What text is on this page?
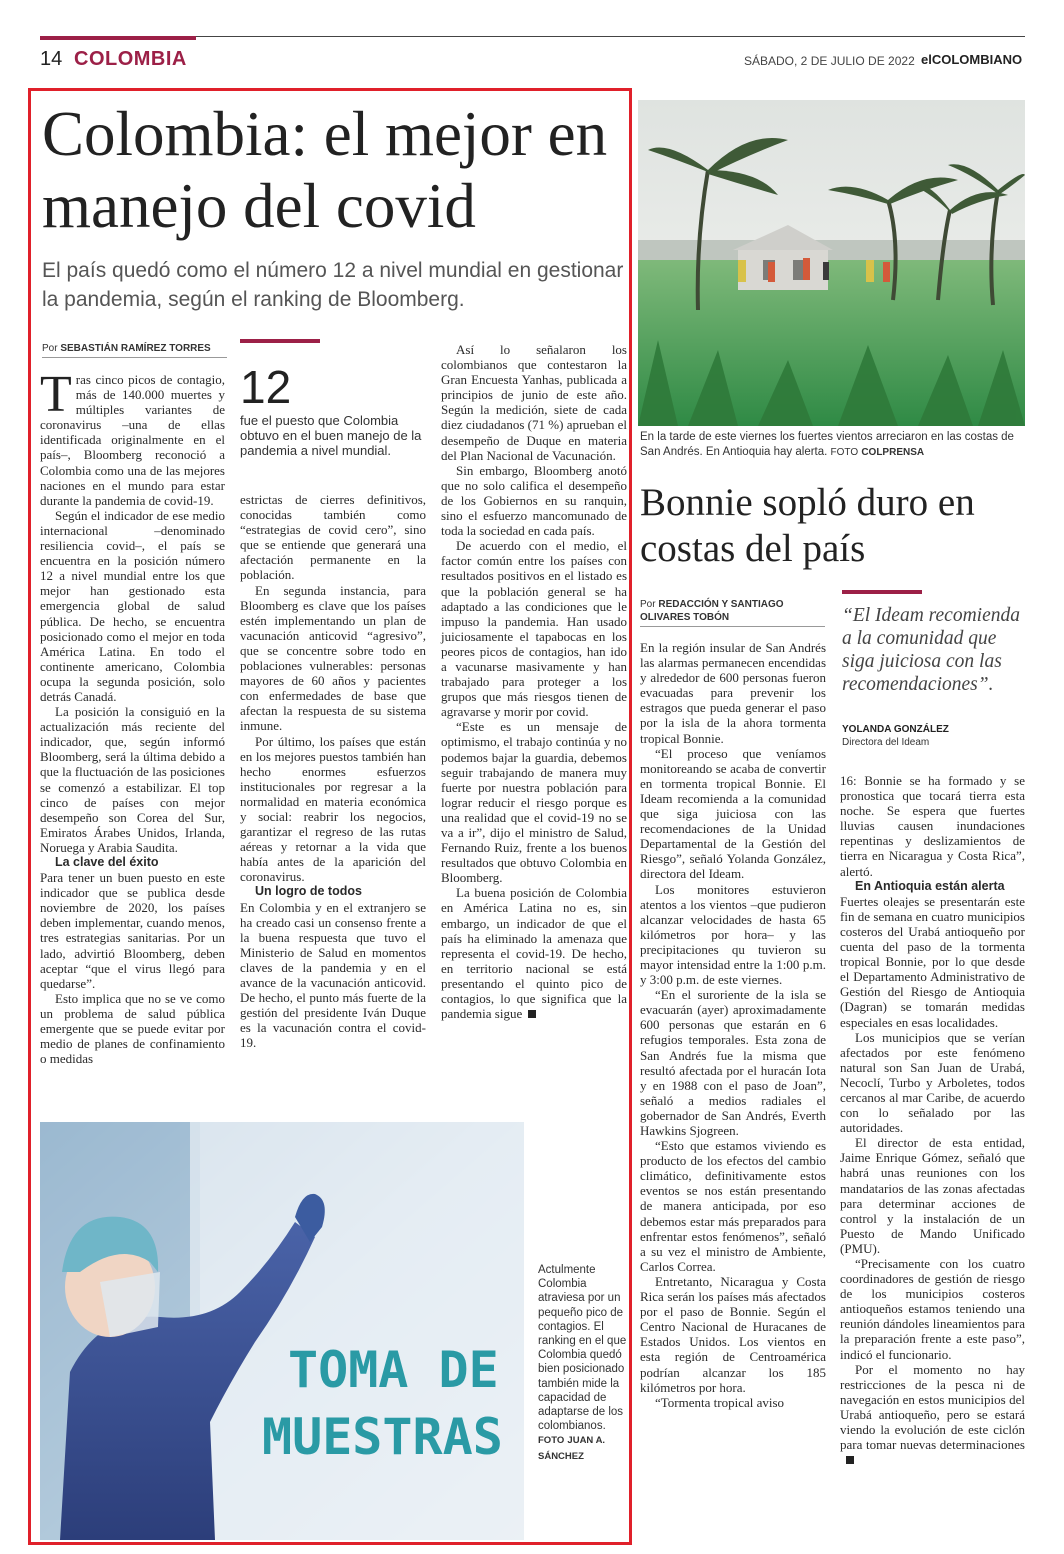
14 COLOMBIA	SÁBADO, 2 DE JULIO DE 2022 elCOLOMBIANO
Colombia: el mejor en manejo del covid
El país quedó como el número 12 a nivel mundial en gestionar la pandemia, según el ranking de Bloomberg.
Por SEBASTIÁN RAMÍREZ TORRES
12
fue el puesto que Colombia obtuvo en el buen manejo de la pandemia a nivel mundial.

Tras cinco picos de contagio, más de 140.000 muertes y múltiples variantes de coronavirus –una de ellas identificada originalmente en el país–, Bloomberg reconoció a Colombia como una de las mejores naciones en el mundo para estar durante la pandemia de covid-19.

Según el indicador de ese medio internacional –denominado resiliencia covid–, el país se encuentra en la posición número 12 a nivel mundial entre los que mejor han gestionado esta emergencia global de salud pública. De hecho, se encuentra posicionado como el mejor en toda América Latina. En todo el continente americano, Colombia ocupa la segunda posición, solo detrás Canadá.

La posición la consiguió en la actualización más reciente del indicador, que, según informó Bloomberg, será la última debido a que la fluctuación de las posiciones se comenzó a estabilizar. El top cinco de países con mejor desempeño son Corea del Sur, Emiratos Árabes Unidos, Irlanda, Noruega y Arabia Saudita.

La clave del éxito

Para tener un buen puesto en este indicador que se publica desde noviembre de 2020, los países deben implementar, cuando menos, tres estrategias sanitarias. Por un lado, advirtió Bloomberg, deben aceptar “que el virus llegó para quedarse”.

Esto implica que no se ve como un problema de salud pública emergente que se puede evitar por medio de planes de confinamiento o medidas

estrictas de cierres definitivos, conocidas también como “estrategias de covid cero”, sino que se entiende que generará una afectación permanente en la población.

En segunda instancia, para Bloomberg es clave que los países estén implementando un plan de vacunación anticovid “agresivo”, que se concentre sobre todo en poblaciones vulnerables: personas mayores de 60 años y pacientes con enfermedades de base que afectan la respuesta de su sistema inmune.

Por último, los países que están en los mejores puestos también han hecho enormes esfuerzos institucionales por regresar a la normalidad en materia económica y social: reabrir los negocios, garantizar el regreso de las rutas aéreas y retornar a la vida que había antes de la aparición del coronavirus.

Un logro de todos

En Colombia y en el extranjero se ha creado casi un consenso frente a la buena respuesta que tuvo el Ministerio de Salud en momentos claves de la pandemia y en el avance de la vacunación anticovid. De hecho, el punto más fuerte de la gestión del presidente Iván Duque es la vacunación contra el covid-19.

Así lo señalaron los colombianos que contestaron la Gran Encuesta Yanhas, publicada a principios de junio de este año. Según la medición, siete de cada diez ciudadanos (71 %) aprueban el desempeño de Duque en materia del Plan Nacional de Vacunación.

Sin embargo, Bloomberg anotó que no solo califica el desempeño de los Gobiernos en su ranquin, sino el esfuerzo mancomunado de toda la sociedad en cada país.

De acuerdo con el medio, el factor común entre los países con resultados positivos en el listado es que la población general se ha adaptado a las condiciones que le impuso la pandemia. Han usado juiciosamente el tapabocas en los peores picos de contagios, han ido a vacunarse masivamente y han trabajado para proteger a los grupos que más riesgos tienen de agravarse y morir por covid.

“Este es un mensaje de optimismo, el trabajo continúa y no podemos bajar la guardia, debemos seguir trabajando de manera muy fuerte por nuestra población para lograr reducir el riesgo porque es una realidad que el covid-19 no se va a ir”, dijo el ministro de Salud, Fernando Ruiz, frente a los buenos resultados que obtuvo Colombia en Bloomberg.

La buena posición de Colombia en América Latina no es, sin embargo, un indicador de que el país ha eliminado la amenaza que representa el covid-19. De hecho, en territorio nacional se está presentando el quinto pico de contagios, lo que significa que la pandemia sigue

TOMA DE
MUESTRAS
Actulmente Colombia atraviesa por un pequeño pico de contagios. El ranking en el que Colombia quedó bien posicionado también mide la capacidad de adaptarse de los colombianos. FOTO JUAN A. SÁNCHEZ
En la tarde de este viernes los fuertes vientos arreciaron en las costas de San Andrés. En Antioquia hay alerta. FOTO COLPRENSA
Bonnie sopló duro en costas del país
Por REDACCIÓN Y SANTIAGO OLIVARES TOBÓN	“El Ideam recomienda a la comunidad que siga juiciosa con las recomendaciones”.
YOLANDA GONZÁLEZ
Directora del Ideam

En la región insular de San Andrés las alarmas permanecen encendidas y alrededor de 600 personas fueron evacuadas para prevenir los estragos que pueda generar el paso por la isla de la ahora tormenta tropical Bonnie.

“El proceso que veníamos monitoreando se acaba de convertir en tormenta tropical Bonnie. El Ideam recomienda a la comunidad que siga juiciosa con las recomendaciones de la Unidad Departamental de la Gestión del Riesgo”, señaló Yolanda González, directora del Ideam.

Los monitores estuvieron atentos a los vientos –que pudieron alcanzar velocidades de hasta 65 kilómetros por hora– y las precipitaciones qu tuvieron su mayor intensidad entre la 1:00 p.m. y 3:00 p.m. de este viernes.

“En el suroriente de la isla se evacuarán (ayer) aproximadamente 600 personas que estarán en 6 refugios temporales. Esta zona de San Andrés fue la misma que resultó afectada por el huracán Iota y en 1988 con el paso de Joan”, señaló a medios radiales el gobernador de San Andrés, Everth Hawkins Sjogreen.

“Esto que estamos viviendo es producto de los efectos del cambio climático, definitivamente estos eventos se nos están presentando de manera anticipada, por eso debemos estar más preparados para enfrentar estos fenómenos”, señaló a su vez el ministro de Ambiente, Carlos Correa.

Entretanto, Nicaragua y Costa Rica serán los países más afectados por el paso de Bonnie. Según el Centro Nacional de Huracanes de Estados Unidos. Los vientos en esta región de Centroamérica podrían alcanzar los 185 kilómetros por hora.

“Tormenta tropical aviso

16: Bonnie se ha formado y se pronostica que tocará tierra esta noche. Se espera que fuertes lluvias causen inundaciones repentinas y deslizamientos de tierra en Nicaragua y Costa Rica”, alertó.

En Antioquia están alerta

Fuertes oleajes se presentarán este fin de semana en cuatro municipios costeros del Urabá antioqueño por cuenta del paso de la tormenta tropical Bonnie, por lo que desde el Departamento Administrativo de Gestión del Riesgo de Antioquia (Dagran) se tomarán medidas especiales en esas localidades.

Los municipios que se verían afectados por este fenómeno natural son San Juan de Urabá, Necoclí, Turbo y Arboletes, todos cercanos al mar Caribe, de acuerdo con lo señalado por las autoridades.

El director de esta entidad, Jaime Enrique Gómez, señaló que habrá unas reuniones con los mandatarios de las zonas afectadas para determinar acciones de control y la instalación de un Puesto de Mando Unificado (PMU).

“Precisamente con los cuatro coordinadores de gestión de riesgo de los municipios costeros antioqueños estamos teniendo una reunión dándoles lineamientos para la preparación frente a este paso”, indicó el funcionario.

Por el momento no hay restricciones de la pesca ni de navegación en estos municipios del Urabá antioqueño, pero se estará viendo la evolución de este ciclón para tomar nuevas determinaciones
